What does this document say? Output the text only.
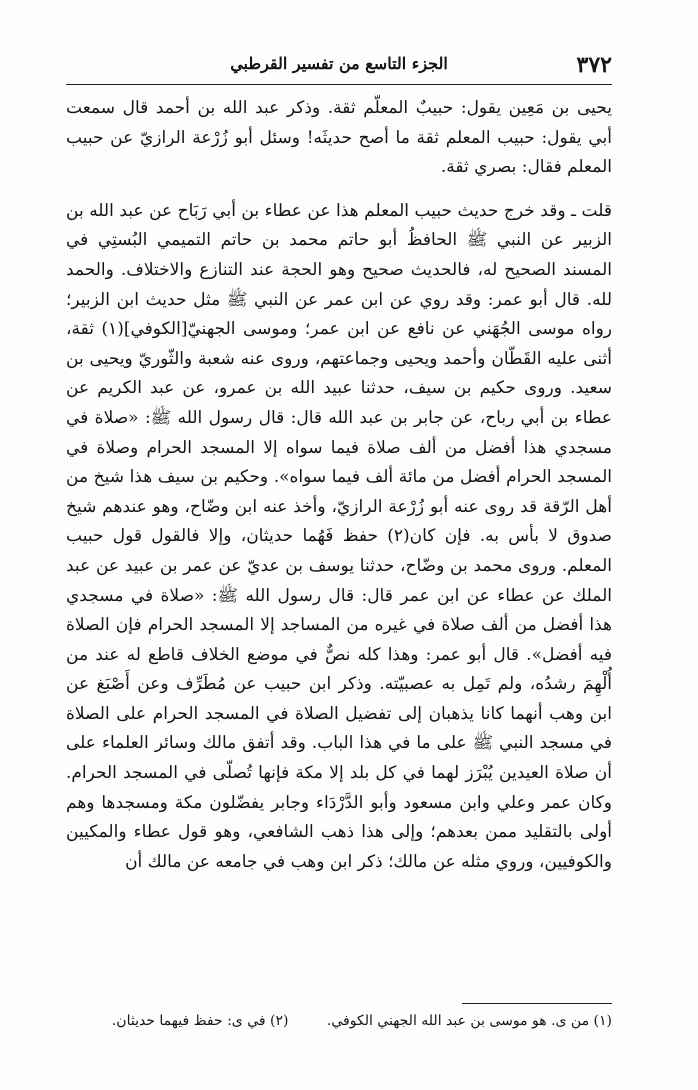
٣٧٢
الجزء التاسع من تفسير القرطبي

يحيى بن مَعِين يقول: حبيبٌ المعلّم ثقة. وذكر عبد الله بن أحمد قال سمعت أبي يقول: حبيب المعلم ثقة ما أصح حديثَه! وسئل أبو زُرْعة الرازيّ عن حبيب المعلم فقال: بصري ثقة.

قلت ـ وقد خرج حديث حبيب المعلم هذا عن عطاء بن أبي رَبَاح عن عبد الله بن الزبير عن النبي ﷺ الحافظُ أبو حاتم محمد بن حاتم التميمي البُستِي في المسند الصحيح له، فالحديث صحيح وهو الحجة عند التنازع والاختلاف. والحمد لله. قال أبو عمر: وقد روي عن ابن عمر عن النبي ﷺ مثل حديث ابن الزبير؛ رواه موسى الجُهَني عن نافع عن ابن عمر؛ وموسى الجهنيّ[الكوفي](١) ثقة، أثنى عليه القَطّان وأحمد ويحيى وجماعتهم، وروى عنه شعبة والثّوريّ ويحيى بن سعيد. وروى حكيم بن سيف، حدثنا عبيد الله بن عمرو، عن عبد الكريم عن عطاء بن أبي رباح، عن جابر بن عبد الله قال: قال رسول الله ﷺ: «صلاة في مسجدي هذا أفضل من ألف صلاة فيما سواه إلا المسجد الحرام وصلاة في المسجد الحرام أفضل من مائة ألف فيما سواه». وحكيم بن سيف هذا شيخ من أهل الرّقة قد روى عنه أبو زُرْعة الرازيّ، وأخذ عنه ابن وضّاح، وهو عندهم شيخ صدوق لا بأس به. فإن كان(٢) حفظ فَهُما حديثان، وإلا فالقول قول حبيب المعلم. وروى محمد بن وضّاح، حدثنا يوسف بن عديّ عن عمر بن عبيد عن عبد الملك عن عطاء عن ابن عمر قال: قال رسول الله ﷺ: «صلاة في مسجدي هذا أفضل من ألف صلاة في غيره من المساجد إلا المسجد الحرام فإن الصلاة فيه أفضل». قال أبو عمر: وهذا كله نصٌّ في موضع الخلاف قاطع له عند من أُلْهِمَ رشدُه، ولم تَمِل به عصبيّته. وذكر ابن حبيب عن مُطَرِّف وعن أَصْبَغ عن ابن وهب أنهما كانا يذهبان إلى تفضيل الصلاة في المسجد الحرام على الصلاة في مسجد النبي ﷺ على ما في هذا الباب. وقد أتفق مالك وسائر العلماء على أن صلاة العيدين يُبْرَز لهما في كل بلد إلا مكة فإنها تُصلّى في المسجد الحرام. وكان عمر وعلي وابن مسعود وأبو الدَّرْدَاء وجابر يفضّلون مكة ومسجدها وهم أولى بالتقليد ممن بعدهم؛ وإلى هذا ذهب الشافعي، وهو قول عطاء والمكيين والكوفيين، وروي مثله عن مالك؛ ذكر ابن وهب في جامعه عن مالك أن

(١) من ى. هو موسى بن عبد الله الجهني الكوفي. (٢) في ى: حفظ فيهما حديثان.
